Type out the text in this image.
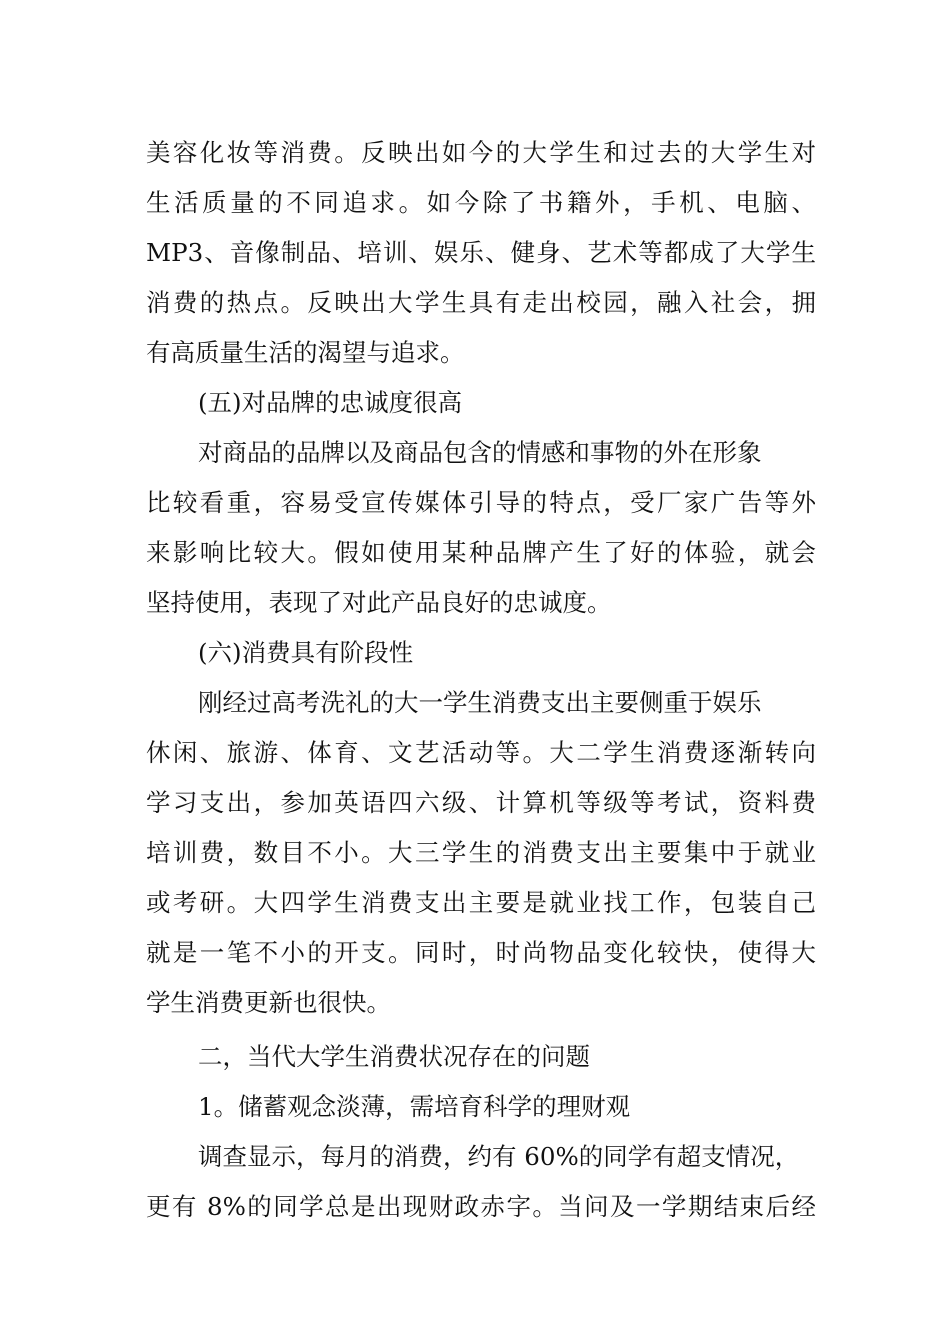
美容化妆等消费。反映出如今的大学生和过去的大学生对
生活质量的不同追求。如今除了书籍外，手机、电脑、
MP3、音像制品、培训、娱乐、健身、艺术等都成了大学生
消费的热点。反映出大学生具有走出校园，融入社会，拥
有高质量生活的渴望与追求。
(五)对品牌的忠诚度很高
对商品的品牌以及商品包含的情感和事物的外在形象
比较看重，容易受宣传媒体引导的特点，受厂家广告等外
来影响比较大。假如使用某种品牌产生了好的体验，就会
坚持使用，表现了对此产品良好的忠诚度。
(六)消费具有阶段性
刚经过高考洗礼的大一学生消费支出主要侧重于娱乐
休闲、旅游、体育、文艺活动等。大二学生消费逐渐转向
学习支出，参加英语四六级、计算机等级等考试，资料费
培训费，数目不小。大三学生的消费支出主要集中于就业
或考研。大四学生消费支出主要是就业找工作，包装自己
就是一笔不小的开支。同时，时尚物品变化较快，使得大
学生消费更新也很快。
二，当代大学生消费状况存在的问题
1。储蓄观念淡薄，需培育科学的理财观
调查显示，每月的消费，约有 60%的同学有超支情况，
更有 8%的同学总是出现财政赤字。当问及一学期结束后经
